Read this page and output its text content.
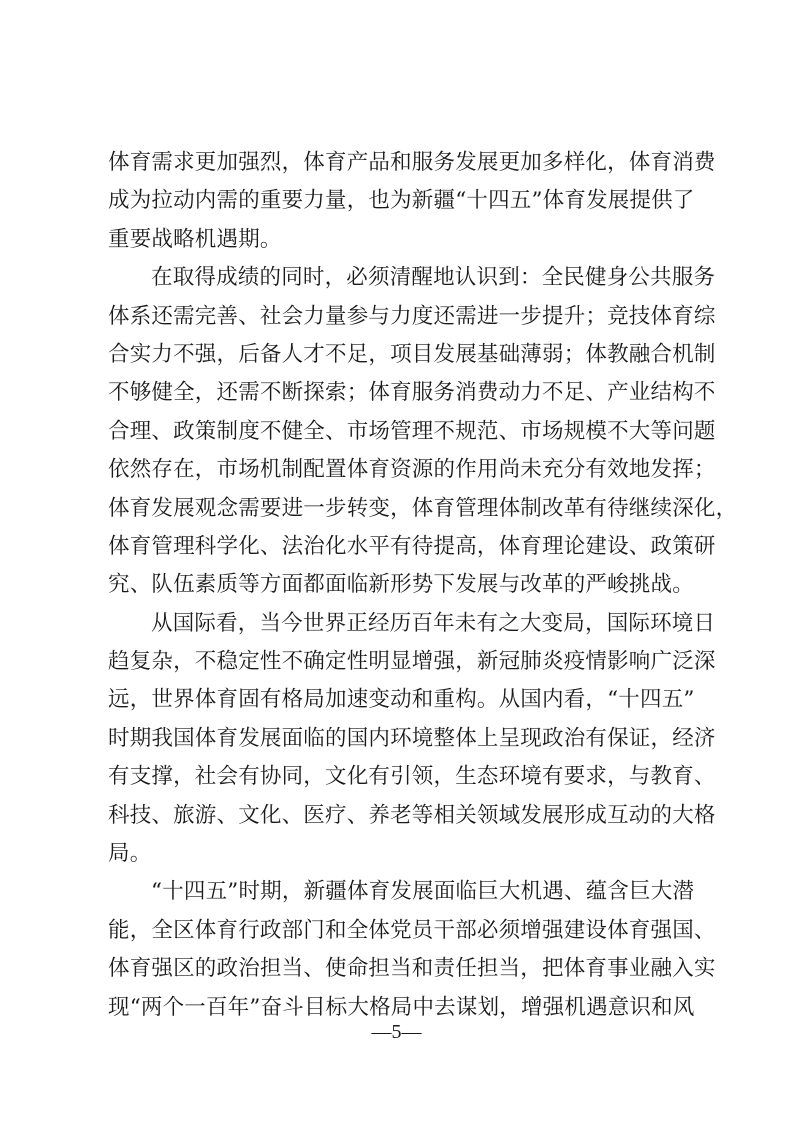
体育需求更加强烈，体育产品和服务发展更加多样化，体育消费
成为拉动内需的重要力量，也为新疆“十四五”体育发展提供了
重要战略机遇期。
在取得成绩的同时，必须清醒地认识到：全民健身公共服务
体系还需完善、社会力量参与力度还需进一步提升；竞技体育综
合实力不强，后备人才不足，项目发展基础薄弱；体教融合机制
不够健全，还需不断探索；体育服务消费动力不足、产业结构不
合理、政策制度不健全、市场管理不规范、市场规模不大等问题
依然存在，市场机制配置体育资源的作用尚未充分有效地发挥；
体育发展观念需要进一步转变，体育管理体制改革有待继续深化，
体育管理科学化、法治化水平有待提高，体育理论建设、政策研
究、队伍素质等方面都面临新形势下发展与改革的严峻挑战。
从国际看，当今世界正经历百年未有之大变局，国际环境日
趋复杂，不稳定性不确定性明显增强，新冠肺炎疫情影响广泛深
远，世界体育固有格局加速变动和重构。从国内看，“十四五”
时期我国体育发展面临的国内环境整体上呈现政治有保证，经济
有支撑，社会有协同，文化有引领，生态环境有要求，与教育、
科技、旅游、文化、医疗、养老等相关领域发展形成互动的大格
局。
“十四五”时期，新疆体育发展面临巨大机遇、蕴含巨大潜
能，全区体育行政部门和全体党员干部必须增强建设体育强国、
体育强区的政治担当、使命担当和责任担当，把体育事业融入实
现“两个一百年”奋斗目标大格局中去谋划，增强机遇意识和风
—5—
